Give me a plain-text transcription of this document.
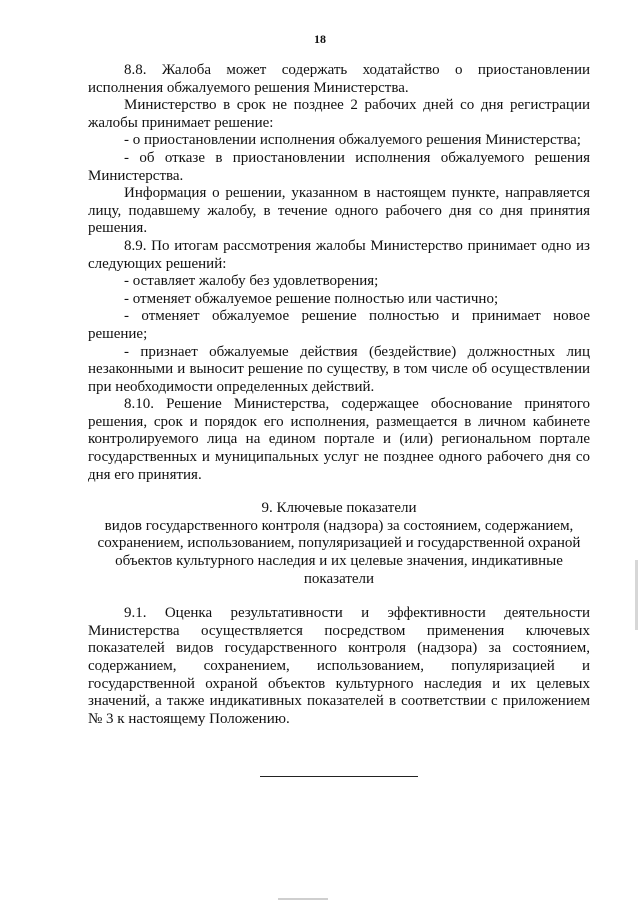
18

8.8. Жалоба может содержать ходатайство о приостановлении исполнения обжалуемого решения Министерства.

Министерство в срок не позднее 2 рабочих дней со дня регистрации жалобы принимает решение:

- о приостановлении исполнения обжалуемого решения Министерства;

- об отказе в приостановлении исполнения обжалуемого решения Министерства.

Информация о решении, указанном в настоящем пункте, направляется лицу, подавшему жалобу, в течение одного рабочего дня со дня принятия решения.

8.9. По итогам рассмотрения жалобы Министерство принимает одно из следующих решений:

- оставляет жалобу без удовлетворения;

- отменяет обжалуемое решение полностью или частично;

- отменяет обжалуемое решение полностью и принимает новое решение;

- признает обжалуемые действия (бездействие) должностных лиц незаконными и выносит решение по существу, в том числе об осуществлении при необходимости определенных действий.

8.10. Решение Министерства, содержащее обоснование принятого решения, срок и порядок его исполнения, размещается в личном кабинете контролируемого лица на едином портале и (или) региональном портале государственных и муниципальных услуг не позднее одного рабочего дня со дня его принятия.

9. Ключевые показатели

видов государственного контроля (надзора) за состоянием, содержанием, сохранением, использованием, популяризацией и государственной охраной объектов культурного наследия и их целевые значения, индикативные показатели

9.1. Оценка результативности и эффективности деятельности Министерства осуществляется посредством применения ключевых показателей видов государственного контроля (надзора) за состоянием, содержанием, сохранением, использованием, популяризацией и государственной охраной объектов культурного наследия и их целевых значений, а также индикативных показателей в соответствии с приложением № 3 к настоящему Положению.
